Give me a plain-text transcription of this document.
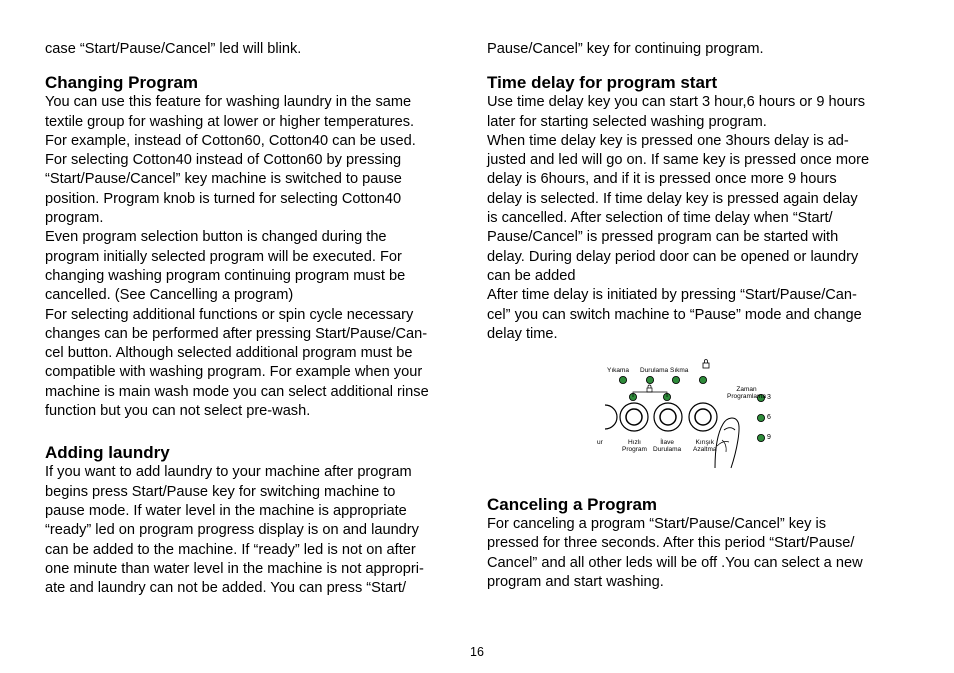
case “Start/Pause/Cancel” led will blink.

Changing Program

You can use this feature for washing laundry in the same
textile group for washing at lower or higher temperatures.
For example, instead of Cotton60, Cotton40 can be used.
For selecting Cotton40 instead of Cotton60 by pressing
“Start/Pause/Cancel” key machine is switched to pause
position. Program knob is turned for selecting Cotton40
program.
Even program selection button is changed during the
program initially selected program will be executed. For
changing washing program continuing program must be
cancelled. (See Cancelling a program)
For selecting additional functions or spin cycle necessary
changes can be performed after pressing Start/Pause/Can-
cel button. Although selected additional program must be
compatible with washing program. For example when your
machine is main wash mode you can select additional rinse
function but you can not select pre-wash.

Adding laundry

If you want to add laundry to your machine after program
begins press Start/Pause key for switching machine to
pause mode. If water level in the machine is appropriate
“ready” led on program progress display is on and laundry
can be added to the machine. If “ready” led is not on after
one minute than water level in the machine is not appropri-
ate and laundry can not be added. You can press “Start/

Pause/Cancel” key for continuing program.

Time delay for program start

Use time delay key you can start 3 hour,6 hours or 9 hours
later for starting selected washing program.
When time delay key is pressed one 3hours delay is ad-
justed and led will go on. If same key is pressed once more
delay is 6hours, and if it is pressed once more 9 hours
delay is selected. If time delay key is pressed again delay
is cancelled. After selection of time delay when “Start/
Pause/Cancel” is pressed program can be started with
delay. During delay period door can be opened or laundry
can be added
After time delay is initiated by pressing “Start/Pause/Can-
cel” you can switch machine to “Pause” mode and change
delay time.

Yıkama Durulama Sıkma
Zaman
Programlama 3
6
9
ur	Hızlı
Program
İlave
Durulama
Kırışık
Azaltma
Canceling a Program

For canceling a program “Start/Pause/Cancel” key is
pressed for three seconds. After this period “Start/Pause/
Cancel” and all other leds will be off .You can select a new
program and start washing.

16
